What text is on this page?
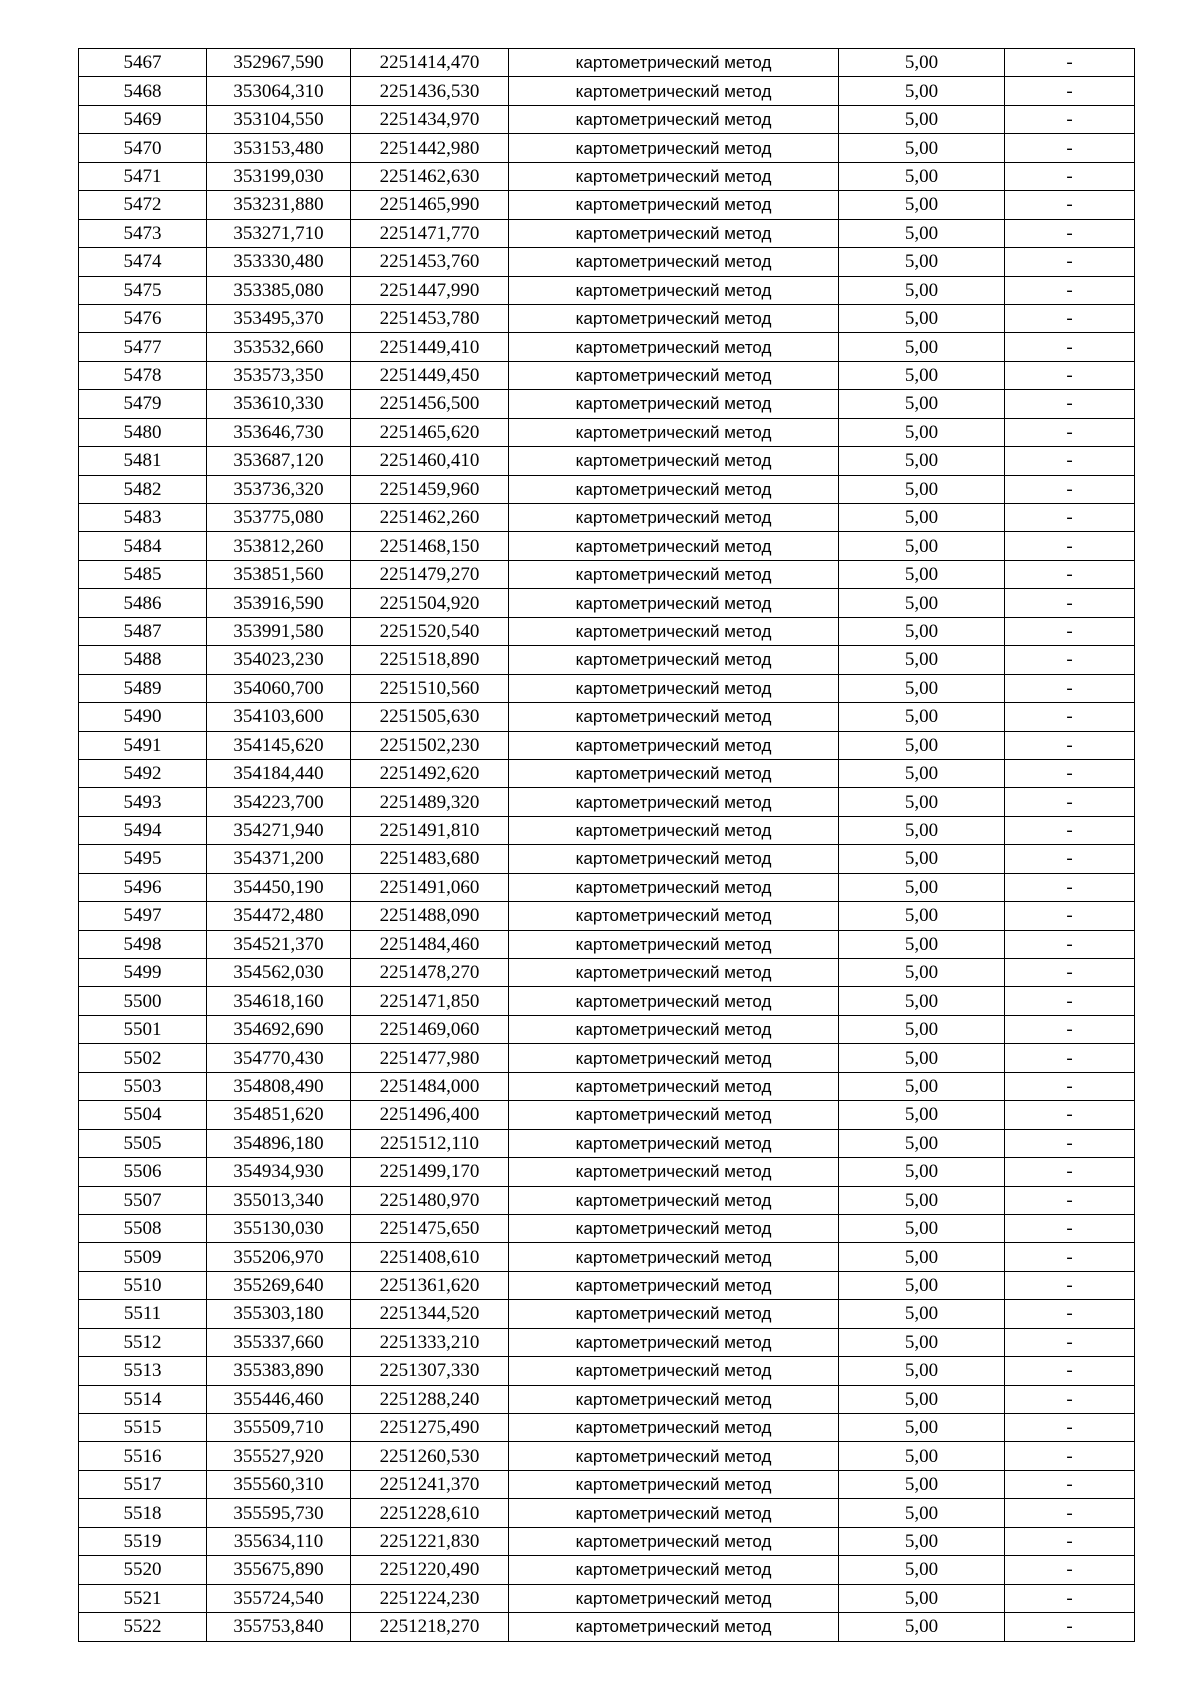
5467	352967,590	2251414,470	картометрический метод	5,00	-
5468	353064,310	2251436,530	картометрический метод	5,00	-
5469	353104,550	2251434,970	картометрический метод	5,00	-
5470	353153,480	2251442,980	картометрический метод	5,00	-
5471	353199,030	2251462,630	картометрический метод	5,00	-
5472	353231,880	2251465,990	картометрический метод	5,00	-
5473	353271,710	2251471,770	картометрический метод	5,00	-
5474	353330,480	2251453,760	картометрический метод	5,00	-
5475	353385,080	2251447,990	картометрический метод	5,00	-
5476	353495,370	2251453,780	картометрический метод	5,00	-
5477	353532,660	2251449,410	картометрический метод	5,00	-
5478	353573,350	2251449,450	картометрический метод	5,00	-
5479	353610,330	2251456,500	картометрический метод	5,00	-
5480	353646,730	2251465,620	картометрический метод	5,00	-
5481	353687,120	2251460,410	картометрический метод	5,00	-
5482	353736,320	2251459,960	картометрический метод	5,00	-
5483	353775,080	2251462,260	картометрический метод	5,00	-
5484	353812,260	2251468,150	картометрический метод	5,00	-
5485	353851,560	2251479,270	картометрический метод	5,00	-
5486	353916,590	2251504,920	картометрический метод	5,00	-
5487	353991,580	2251520,540	картометрический метод	5,00	-
5488	354023,230	2251518,890	картометрический метод	5,00	-
5489	354060,700	2251510,560	картометрический метод	5,00	-
5490	354103,600	2251505,630	картометрический метод	5,00	-
5491	354145,620	2251502,230	картометрический метод	5,00	-
5492	354184,440	2251492,620	картометрический метод	5,00	-
5493	354223,700	2251489,320	картометрический метод	5,00	-
5494	354271,940	2251491,810	картометрический метод	5,00	-
5495	354371,200	2251483,680	картометрический метод	5,00	-
5496	354450,190	2251491,060	картометрический метод	5,00	-
5497	354472,480	2251488,090	картометрический метод	5,00	-
5498	354521,370	2251484,460	картометрический метод	5,00	-
5499	354562,030	2251478,270	картометрический метод	5,00	-
5500	354618,160	2251471,850	картометрический метод	5,00	-
5501	354692,690	2251469,060	картометрический метод	5,00	-
5502	354770,430	2251477,980	картометрический метод	5,00	-
5503	354808,490	2251484,000	картометрический метод	5,00	-
5504	354851,620	2251496,400	картометрический метод	5,00	-
5505	354896,180	2251512,110	картометрический метод	5,00	-
5506	354934,930	2251499,170	картометрический метод	5,00	-
5507	355013,340	2251480,970	картометрический метод	5,00	-
5508	355130,030	2251475,650	картометрический метод	5,00	-
5509	355206,970	2251408,610	картометрический метод	5,00	-
5510	355269,640	2251361,620	картометрический метод	5,00	-
5511	355303,180	2251344,520	картометрический метод	5,00	-
5512	355337,660	2251333,210	картометрический метод	5,00	-
5513	355383,890	2251307,330	картометрический метод	5,00	-
5514	355446,460	2251288,240	картометрический метод	5,00	-
5515	355509,710	2251275,490	картометрический метод	5,00	-
5516	355527,920	2251260,530	картометрический метод	5,00	-
5517	355560,310	2251241,370	картометрический метод	5,00	-
5518	355595,730	2251228,610	картометрический метод	5,00	-
5519	355634,110	2251221,830	картометрический метод	5,00	-
5520	355675,890	2251220,490	картометрический метод	5,00	-
5521	355724,540	2251224,230	картометрический метод	5,00	-
5522	355753,840	2251218,270	картометрический метод	5,00	-
